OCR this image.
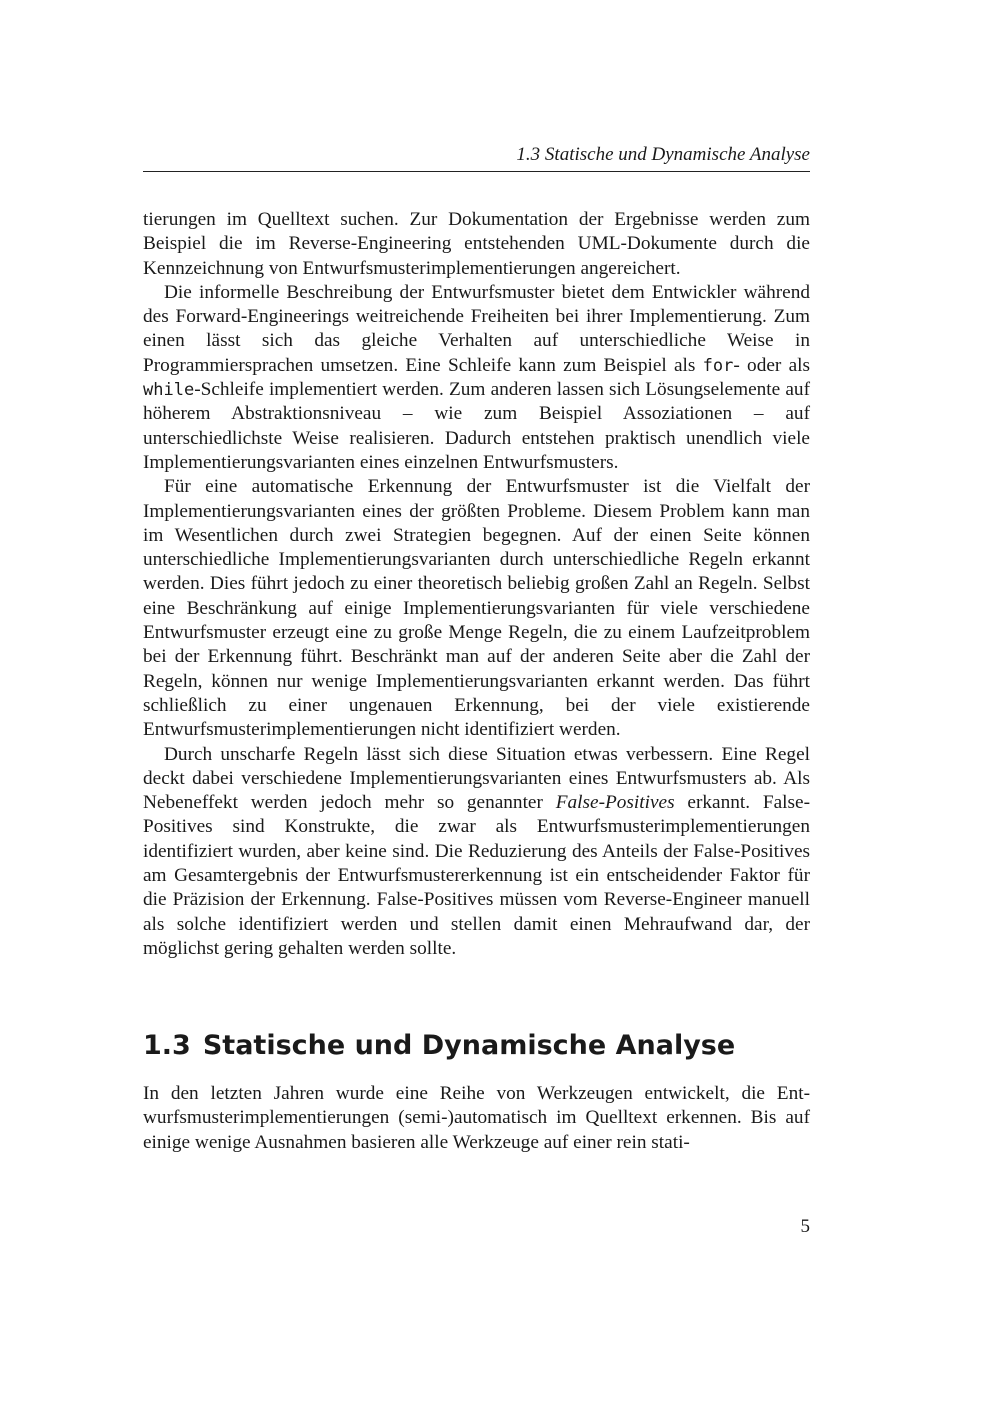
1.3 Statische und Dynamische Analyse

tierungen im Quelltext suchen. Zur Dokumentation der Ergebnisse werden zum Beispiel die im Reverse-Engineering entstehenden UML-Dokumente durch die Kennzeichnung von Entwurfsmusterimplementierungen angereichert.

Die informelle Beschreibung der Entwurfsmuster bietet dem Entwickler während des Forward-Engineerings weitreichende Freiheiten bei ihrer Implementierung. Zum einen lässt sich das gleiche Verhalten auf unterschiedliche Weise in Programmiersprachen umsetzen. Eine Schleife kann zum Beispiel als for- oder als while-Schleife implementiert werden. Zum anderen lassen sich Lösungselemente auf höherem Abstraktionsniveau – wie zum Beispiel Assoziationen – auf unterschiedlichste Weise realisieren. Dadurch entstehen praktisch unendlich viele Implementierungsvarianten eines einzelnen Entwurfsmusters.

Für eine automatische Erkennung der Entwurfsmuster ist die Vielfalt der Implementierungsvarianten eines der größten Probleme. Diesem Problem kann man im Wesentlichen durch zwei Strategien begegnen. Auf der einen Seite können unterschiedliche Implementierungsvarianten durch unterschiedliche Regeln erkannt werden. Dies führt jedoch zu einer theoretisch beliebig großen Zahl an Regeln. Selbst eine Beschränkung auf einige Implementierungsvarianten für viele verschiedene Entwurfsmuster erzeugt eine zu große Menge Regeln, die zu einem Laufzeitproblem bei der Erkennung führt. Beschränkt man auf der anderen Seite aber die Zahl der Regeln, können nur wenige Implementierungsvarianten erkannt werden. Das führt schließlich zu einer ungenauen Erkennung, bei der viele existierende Entwurfsmusterimplementierungen nicht identifiziert werden.

Durch unscharfe Regeln lässt sich diese Situation etwas verbessern. Eine Regel deckt dabei verschiedene Implementierungsvarianten eines Entwurfsmusters ab. Als Nebeneffekt werden jedoch mehr so genannter False-Positives erkannt. False-Positives sind Konstrukte, die zwar als Entwurfsmusterimplementierungen identifiziert wurden, aber keine sind. Die Reduzierung des Anteils der False-Positives am Gesamtergebnis der Entwurfsmustererkennung ist ein entscheidender Faktor für die Präzision der Erkennung. False-Positives müssen vom Reverse-Engineer manuell als solche identifiziert werden und stellen damit einen Mehraufwand dar, der möglichst gering gehalten werden sollte.

1.3 Statische und Dynamische Analyse

In den letzten Jahren wurde eine Reihe von Werkzeugen entwickelt, die Entwurfsmusterimplementierungen (semi-)automatisch im Quelltext erkennen. Bis auf einige wenige Ausnahmen basieren alle Werkzeuge auf einer rein stati-

5
